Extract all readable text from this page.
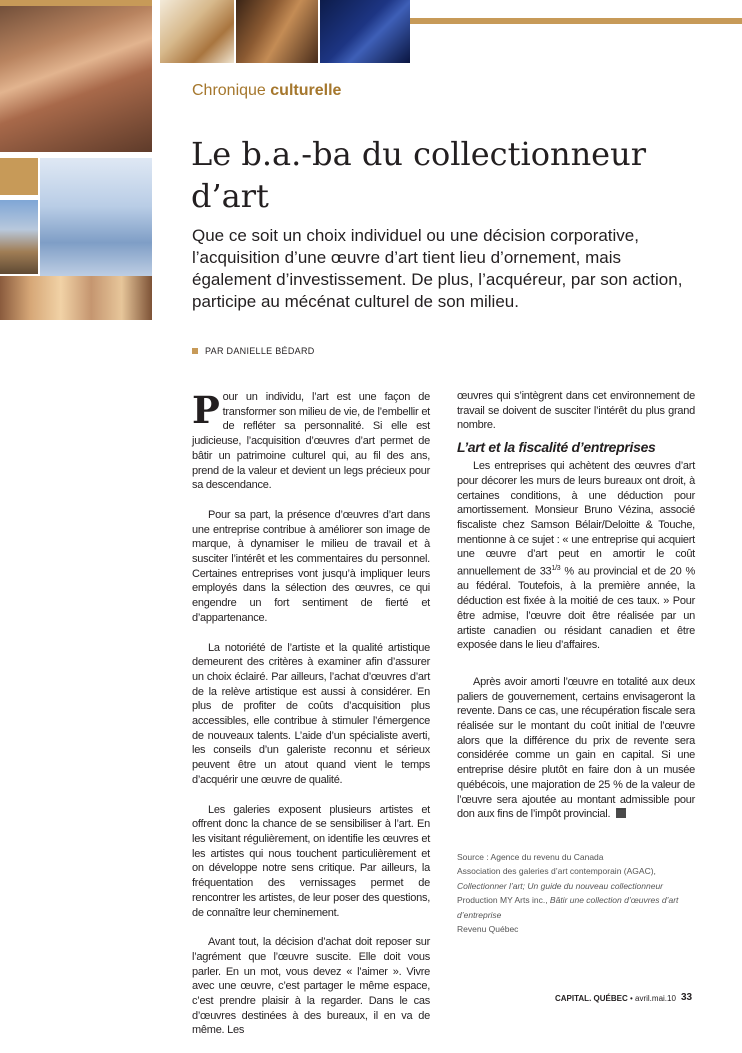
Chronique culturelle
Le b.a.-ba du collectionneur d’art
Que ce soit un choix individuel ou une décision corporative, l’acquisition d’une œuvre d’art tient lieu d’ornement, mais également d’investissement. De plus, l’acquéreur, par son action, participe au mécénat culturel de son milieu.
PAR DANIELLE BÉDARD

Pour un individu, l’art est une façon de transformer son milieu de vie, de l’embellir et de refléter sa personnalité. Si elle est judicieuse, l’acquisition d’œuvres d’art permet de bâtir un patrimoine culturel qui, au fil des ans, prend de la valeur et devient un legs précieux pour sa descendance.

Pour sa part, la présence d’œuvres d’art dans une entreprise contribue à améliorer son image de marque, à dynamiser le milieu de travail et à susciter l’intérêt et les commentaires du personnel. Certaines entreprises vont jusqu’à impliquer leurs employés dans la sélection des œuvres, ce qui engendre un fort sentiment de fierté et d’appartenance.

La notoriété de l’artiste et la qualité artistique demeurent des critères à examiner afin d’assurer un choix éclairé. Par ailleurs, l’achat d’œuvres d’art de la relève artistique est aussi à considérer. En plus de profiter de coûts d’acquisition plus accessibles, elle contribue à stimuler l’émergence de nouveaux talents. L’aide d’un spécialiste averti, les conseils d’un galeriste reconnu et sérieux peuvent être un atout quand vient le temps d’acquérir une œuvre de qualité.

Les galeries exposent plusieurs artistes et offrent donc la chance de se sensibiliser à l’art. En les visitant régulièrement, on identifie les œuvres et les artistes qui nous touchent particulièrement et on développe notre sens critique. Par ailleurs, la fréquentation des vernissages permet de rencontrer les artistes, de leur poser des questions, de connaître leur cheminement.

Avant tout, la décision d’achat doit reposer sur l’agrément que l’œuvre suscite. Elle doit vous parler. En un mot, vous devez « l’aimer ». Vivre avec une œuvre, c’est partager le même espace, c’est prendre plaisir à la regarder. Dans le cas d’œuvres destinées à des bureaux, il en va de même. Les

œuvres qui s’intègrent dans cet environnement de travail se doivent de susciter l’intérêt du plus grand nombre.

L’art et la fiscalité d’entreprises

Les entreprises qui achètent des œuvres d’art pour décorer les murs de leurs bureaux ont droit, à certaines conditions, à une déduction pour amortissement. Monsieur Bruno Vézina, associé fiscaliste chez Samson Bélair/Deloitte & Touche, mentionne à ce sujet : « une entreprise qui acquiert une œuvre d’art peut en amortir le coût annuellement de $33^{1/3}$ % au provincial et de 20 % au fédéral. Toutefois, à la première année, la déduction est fixée à la moitié de ces taux. » Pour être admise, l’œuvre doit être réalisée par un artiste canadien ou résidant canadien et être exposée dans le lieu d’affaires.

Après avoir amorti l’œuvre en totalité aux deux paliers de gouvernement, certains envisageront la revente. Dans ce cas, une récupération fiscale sera réalisée sur le montant du coût initial de l’œuvre alors que la différence du prix de revente sera considérée comme un gain en capital. Si une entreprise désire plutôt en faire don à un musée québécois, une majoration de 25 % de la valeur de l’œuvre sera ajoutée au montant admissible pour don aux fins de l’impôt provincial.

Source : Agence du revenu du Canada
Association des galeries d’art contemporain (AGAC),
Collectionner l’art; Un guide du nouveau collectionneur
Production MY Arts inc., Bâtir une collection d’œuvres d’art
d’entreprise
Revenu Québec
CAPITAL. QUÉBEC • avril.mai.10 33
